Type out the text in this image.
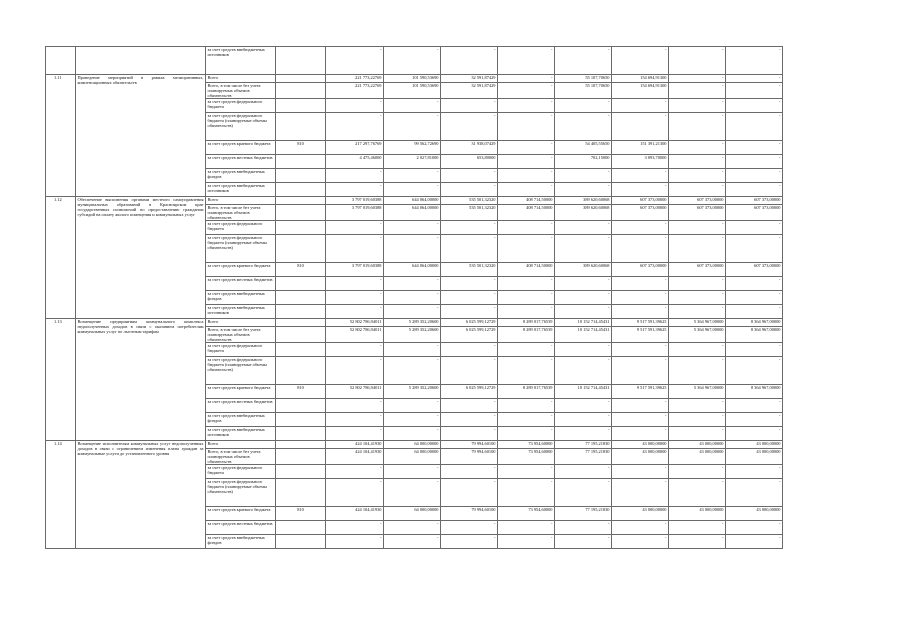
		за счет средств внебюджетных источников		-	-	-	-	-	-	-	-
1.11	Проведение мероприятий в рамках мелиоративных, компенсационных обязательств	Всего		221 773,22769	101 590,53690	32 591,87429	-	55 107,70650	154 694,91300	-	-
		Всего, в том числе без учета планируемых объемов обязательств		221 773,22769	101 590,53690	32 591,87429	-	55 107,70650	154 694,91300	-	-
		за счет средств федерального бюджета		-	-	-	-	-	-	-	-
		за счет средств федерального бюджета (планируемые объемы обязательств)		-	-	-	-	-	-	-	-
		за счет средств краевого бюджета	810	217 297,76769	99 562,72690	31 938,07429	-	54 405,55650	151 391,21300	-	-
		за счет средств местных бюджетов		4 475,46000	2 027,81000	653,80000	-	702,15000	3 093,70000	-	-
		за счет средств внебюджетных фондов		-	-	-	-	-	-	-	-
		за счет средств внебюджетных источников		-	-	-	-	-	-	-	-
1.12	Обеспечение выполнения органами местного самоуправления муниципальных образований в Красноярском крае государственных полномочий по предоставлению гражданам субсидий на оплату жилого помещения и коммунальных услуг	Всего		3 797 019,60388	644 064,00000	535 501,32320	408 714,50000	389 620,60068	607 373,00000	607 373,00000	607 373,00000
		Всего, в том числе без учета планируемых объемов обязательств		3 797 019,60388	644 064,00000	535 501,32320	408 714,50000	389 620,60068	607 373,00000	607 373,00000	607 373,00000
		за счет средств федерального бюджета		-	-	-	-	-	-	-	-
		за счет средств федерального бюджета (планируемые объемы обязательств)		-	-	-	-	-	-	-	-
		за счет средств краевого бюджета	810	3 797 019,60388	644 064,00000	535 501,32320	408 714,50000	389 620,60068	607 373,00000	607 373,00000	607 373,00000
		за счет средств местных бюджетов		-	-	-	-	-	-	-	-
		за счет средств внебюджетных фондов		-	-	-	-	-	-	-	-
		за счет средств внебюджетных источников		-	-	-	-	-	-	-	-
1.13	Возмещение предприятиям коммунального комплекса недополученных доходов в связи с оказанием потребителям коммунальных услуг по льготным тарифам	Всего		52 802 786,94011	5 289 352,20600	6 025 599,12729	8 289 017,76539	10 152 714,45431	9 517 591,39625	5 364 967,00000	8 364 967,00000
		Всего, в том числе без учета планируемых объемов обязательств		52 802 786,94011	5 289 352,20600	6 025 599,12729	8 289 017,76539	10 152 714,45431	9 517 591,39625	5 364 967,00000	8 364 967,00000
		за счет средств федерального бюджета		-	-	-	-	-	-	-	-
		за счет средств федерального бюджета (планируемые объемы обязательств)		-	-	-	-	-	-	-	-
		за счет средств краевого бюджета	810	52 802 786,94011	5 289 352,20600	6 025 599,12729	8 289 017,76539	10 152 714,45431	9 517 591,39625	5 364 967,00000	8 364 967,00000
		за счет средств местных бюджетов		-	-	-	-	-	-	-	-
		за счет средств внебюджетных фондов		-	-	-	-	-	-	-	-
		за счет средств внебюджетных источников		-	-	-	-	-	-	-	-
1.14	Возмещение исполнителям коммунальных услуг недополученных доходов в связи с ограничением изменения платы граждан за коммунальные услуги до установленного уровня	Всего		424 104,41930	64 000,00000	79 994,60100	73 954,60000	77 195,21830	43 000,00000	43 000,00000	43 000,00000
		Всего, в том числе без учета планируемых объемов обязательств		424 104,41930	64 000,00000	79 994,60100	73 954,60000	77 195,21830	43 000,00000	43 000,00000	43 000,00000
		за счет средств федерального бюджета		-	-	-	-	-	-	-	-
		за счет средств федерального бюджета (планируемые объемы обязательств)		-	-	-	-	-	-	-	-
		за счет средств краевого бюджета	810	424 104,41930	64 000,00000	79 994,60100	73 954,60000	77 195,21830	43 000,00000	43 000,00000	43 000,00000
		за счет средств местных бюджетов		-	-	-	-	-	-	-	-
		за счет средств внебюджетных фондов		-	-	-	-	-	-	-	-
